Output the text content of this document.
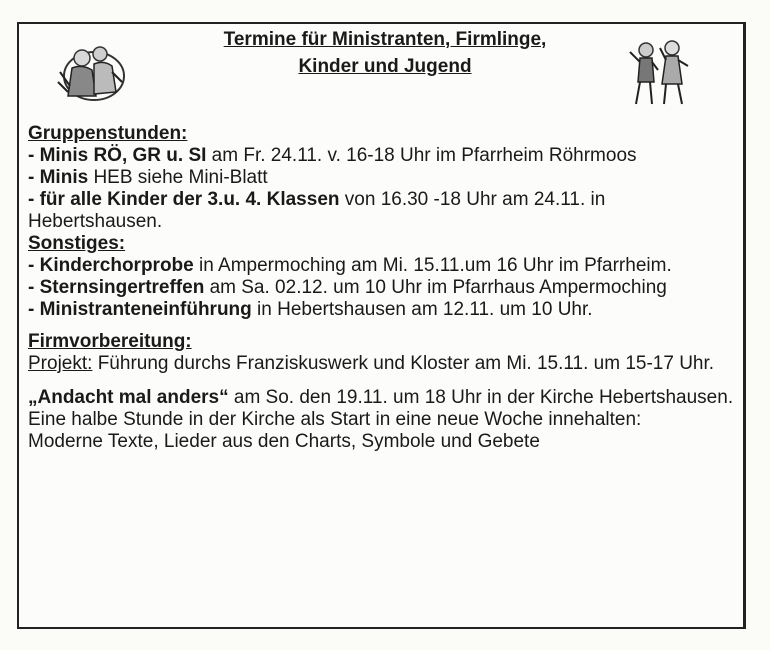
Termine für Ministranten, Firmlinge,
Kinder und Jugend

Gruppenstunden:

- Minis RÖ, GR u. SI am Fr. 24.11. v. 16-18 Uhr im Pfarrheim Röhrmoos

- Minis HEB siehe Mini-Blatt

- für alle Kinder der 3.u. 4. Klassen von 16.30 -18 Uhr am 24.11. in Hebertshausen.

Sonstiges:

- Kinderchorprobe in Ampermoching am Mi. 15.11.um 16 Uhr im Pfarrheim.

- Sternsingertreffen am Sa. 02.12. um 10 Uhr im Pfarrhaus Ampermoching

- Ministranteneinführung in Hebertshausen am 12.11. um 10 Uhr.

Firmvorbereitung:

Projekt: Führung durchs Franziskuswerk und Kloster am Mi. 15.11. um 15-17 Uhr.

„Andacht mal anders“ am So. den 19.11. um 18 Uhr in der Kirche Hebertshausen.

Eine halbe Stunde in der Kirche als Start in eine neue Woche innehalten:

Moderne Texte, Lieder aus den Charts, Symbole und Gebete
